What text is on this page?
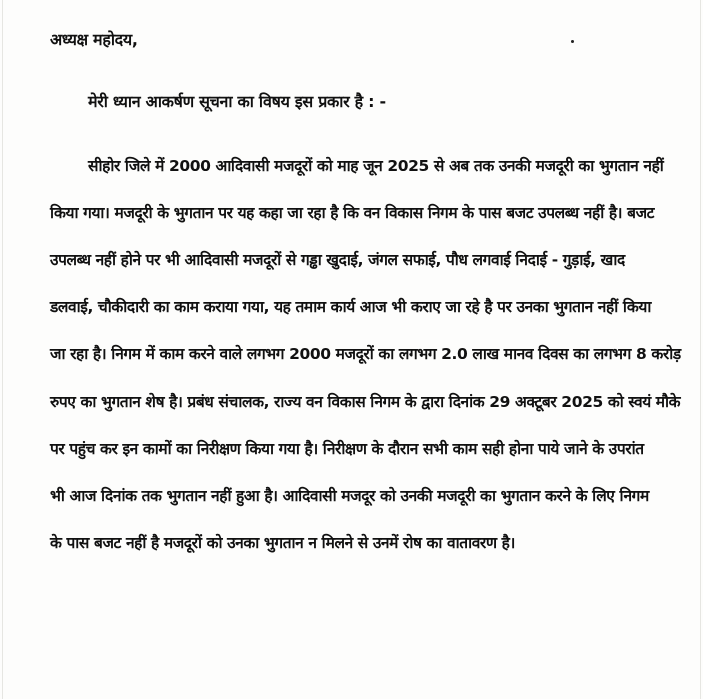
अध्यक्ष महोदय,
मेरी ध्यान आकर्षण सूचना का विषय इस प्रकार है : -
सीहोर जिले में 2000 आदिवासी मजदूरों को माह जून 2025 से अब तक उनकी मजदूरी का भुगतान नहीं
किया गया। मजदूरी के भुगतान पर यह कहा जा रहा है कि वन विकास निगम के पास बजट उपलब्ध नहीं है। बजट
उपलब्ध नहीं होने पर भी आदिवासी मजदूरों से गड्ढा खुदाई, जंगल सफाई, पौध लगवाई निदाई - गुड़ाई, खाद
डलवाई, चौकीदारी का काम कराया गया, यह तमाम कार्य आज भी कराए जा रहे है पर उनका भुगतान नहीं किया
जा रहा है। निगम में काम करने वाले लगभग 2000 मजदूरों का लगभग 2.0 लाख मानव दिवस का लगभग 8 करोड़
रुपए का भुगतान शेष है। प्रबंध संचालक, राज्य वन विकास निगम के द्वारा दिनांक 29 अक्टूबर 2025 को स्वयं मौके
पर पहुंच कर इन कामों का निरीक्षण किया गया है। निरीक्षण के दौरान सभी काम सही होना पाये जाने के उपरांत
भी आज दिनांक तक भुगतान नहीं हुआ है। आदिवासी मजदूर को उनकी मजदूरी का भुगतान करने के लिए निगम
के पास बजट नहीं है मजदूरों को उनका भुगतान न मिलने से उनमें रोष का वातावरण है।
